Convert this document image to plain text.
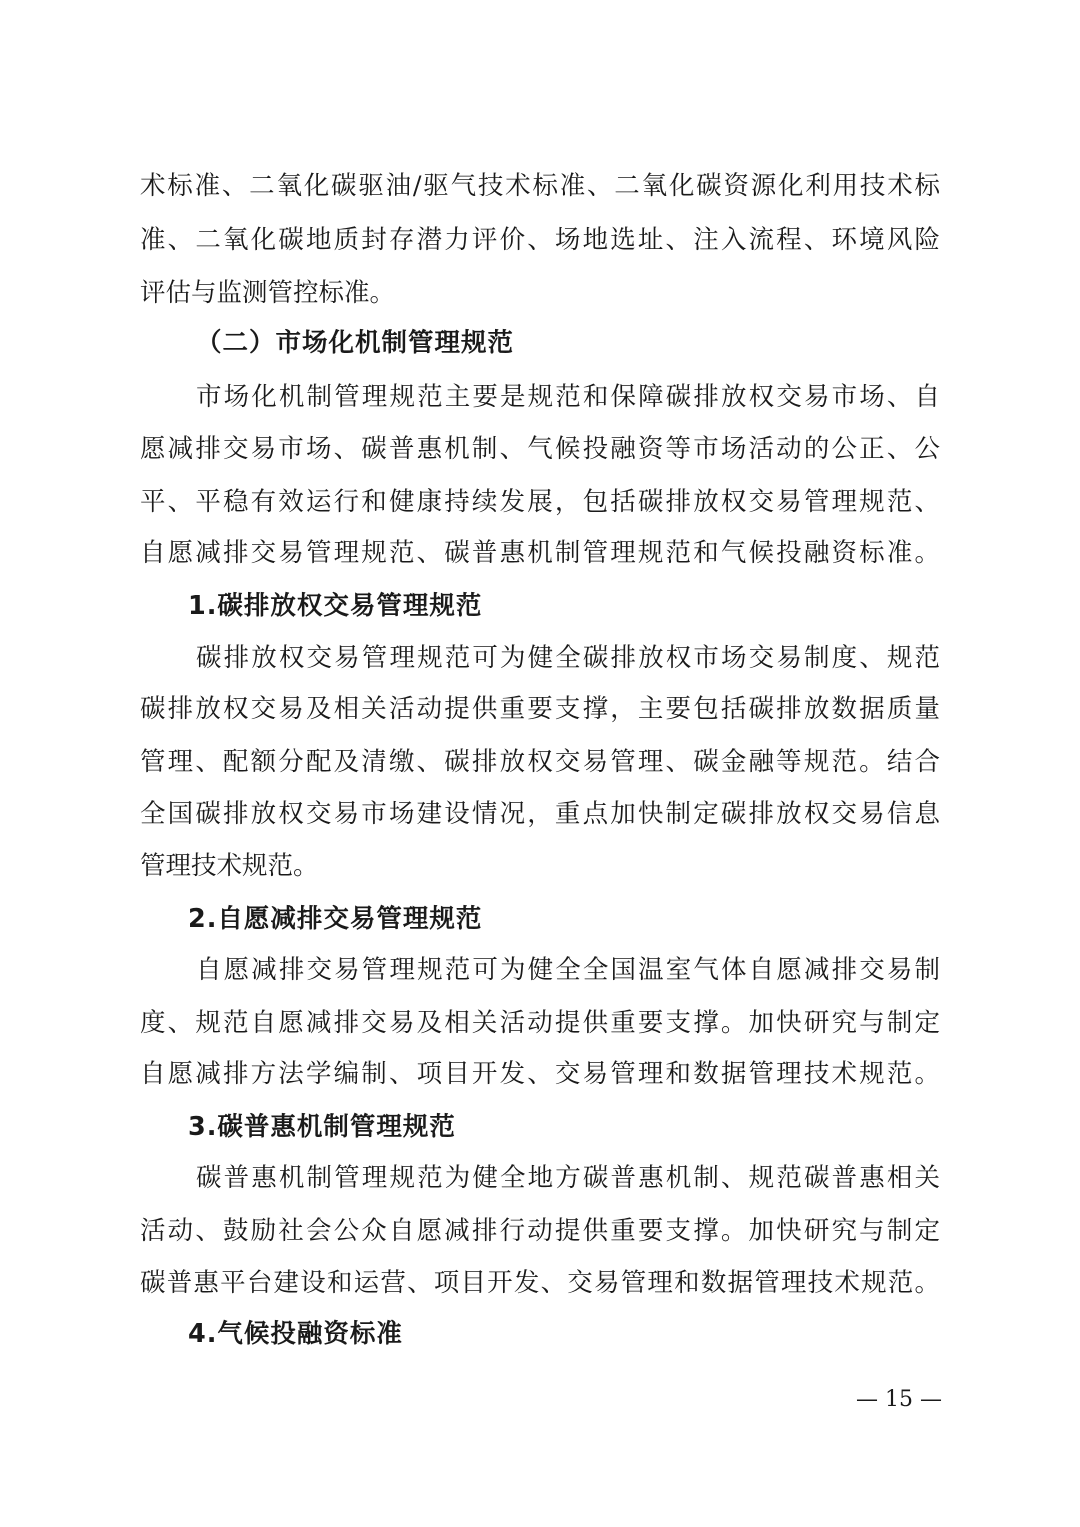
术标准、二氧化碳驱油/驱气技术标准、二氧化碳资源化利用技术标
准、二氧化碳地质封存潜力评价、场地选址、注入流程、环境风险
评估与监测管控标准。
（二）市场化机制管理规范
市场化机制管理规范主要是规范和保障碳排放权交易市场、自
愿减排交易市场、碳普惠机制、气候投融资等市场活动的公正、公
平、平稳有效运行和健康持续发展，包括碳排放权交易管理规范、
自愿减排交易管理规范、碳普惠机制管理规范和气候投融资标准。
1.碳排放权交易管理规范
碳排放权交易管理规范可为健全碳排放权市场交易制度、规范
碳排放权交易及相关活动提供重要支撑，主要包括碳排放数据质量
管理、配额分配及清缴、碳排放权交易管理、碳金融等规范。结合
全国碳排放权交易市场建设情况，重点加快制定碳排放权交易信息
管理技术规范。
2.自愿减排交易管理规范
自愿减排交易管理规范可为健全全国温室气体自愿减排交易制
度、规范自愿减排交易及相关活动提供重要支撑。加快研究与制定
自愿减排方法学编制、项目开发、交易管理和数据管理技术规范。
3.碳普惠机制管理规范
碳普惠机制管理规范为健全地方碳普惠机制、规范碳普惠相关
活动、鼓励社会公众自愿减排行动提供重要支撑。加快研究与制定
碳普惠平台建设和运营、项目开发、交易管理和数据管理技术规范。
4.气候投融资标准
— 15 —
